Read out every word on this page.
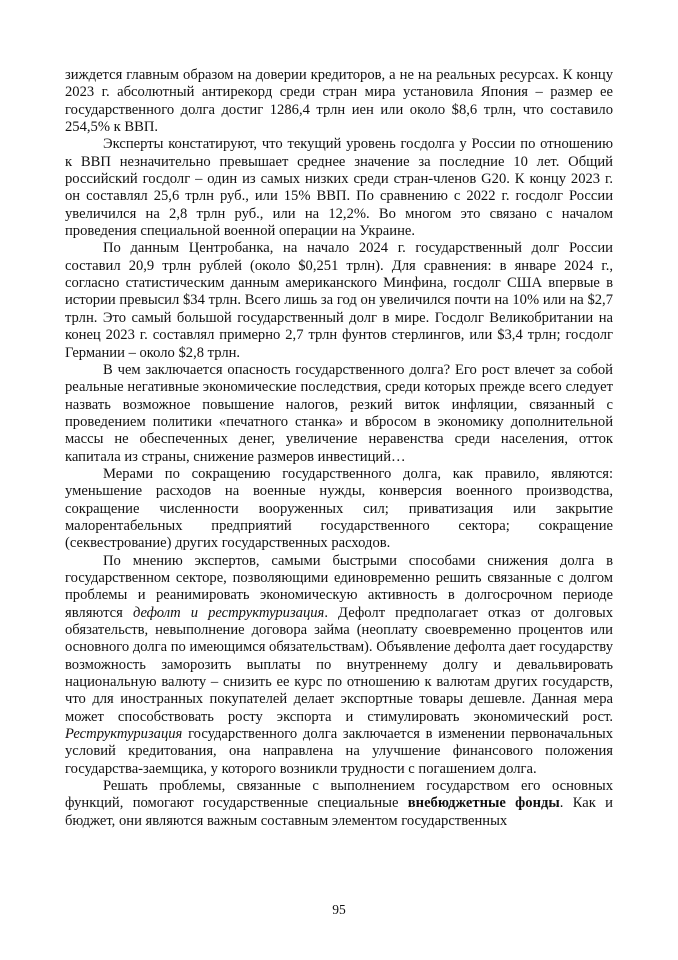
зиждется главным образом на доверии кредиторов, а не на реальных ресурсах. К концу 2023 г. абсолютный антирекорд среди стран мира установила Япония – размер ее государственного долга достиг 1286,4 трлн иен или около $8,6 трлн, что составило 254,5% к ВВП.

Эксперты констатируют, что текущий уровень госдолга у России по отношению к ВВП незначительно превышает среднее значение за последние 10 лет. Общий российский госдолг – один из самых низких среди стран-членов G20. К концу 2023 г. он составлял 25,6 трлн руб., или 15% ВВП. По сравнению с 2022 г. госдолг России увеличился на 2,8 трлн руб., или на 12,2%. Во многом это связано с началом проведения специальной военной операции на Украине.

По данным Центробанка, на начало 2024 г. государственный долг России составил 20,9 трлн рублей (около $0,251 трлн). Для сравнения: в январе 2024 г., согласно статистическим данным американского Минфина, госдолг США впервые в истории превысил $34 трлн. Всего лишь за год он увеличился почти на 10% или на $2,7 трлн. Это самый большой государственный долг в мире. Госдолг Великобритании на конец 2023 г. составлял примерно 2,7 трлн фунтов стерлингов, или $3,4 трлн; госдолг Германии – около $2,8 трлн.

В чем заключается опасность государственного долга? Его рост влечет за собой реальные негативные экономические последствия, среди которых прежде всего следует назвать возможное повышение налогов, резкий виток инфляции, связанный с проведением политики «печатного станка» и вбросом в экономику дополнительной массы не обеспеченных денег, увеличение неравенства среди населения, отток капитала из страны, снижение размеров инвестиций…

Мерами по сокращению государственного долга, как правило, являются: уменьшение расходов на военные нужды, конверсия военного производства, сокращение численности вооруженных сил; приватизация или закрытие малорентабельных предприятий государственного сектора; сокращение (секвестрование) других государственных расходов.

По мнению экспертов, самыми быстрыми способами снижения долга в государственном секторе, позволяющими единовременно решить связанные с долгом проблемы и реанимировать экономическую активность в долгосрочном периоде являются дефолт и реструктуризация. Дефолт предполагает отказ от долговых обязательств, невыполнение договора займа (неоплату своевременно процентов или основного долга по имеющимся обязательствам). Объявление дефолта дает государству возможность заморозить выплаты по внутреннему долгу и девальвировать национальную валюту – снизить ее курс по отношению к валютам других государств, что для иностранных покупателей делает экспортные товары дешевле. Данная мера может способствовать росту экспорта и стимулировать экономический рост. Реструктуризация государственного долга заключается в изменении первоначальных условий кредитования, она направлена на улучшение финансового положения государства-заемщика, у которого возникли трудности с погашением долга.

Решать проблемы, связанные с выполнением государством его основных функций, помогают государственные специальные внебюджетные фонды. Как и бюджет, они являются важным составным элементом государственных

95
